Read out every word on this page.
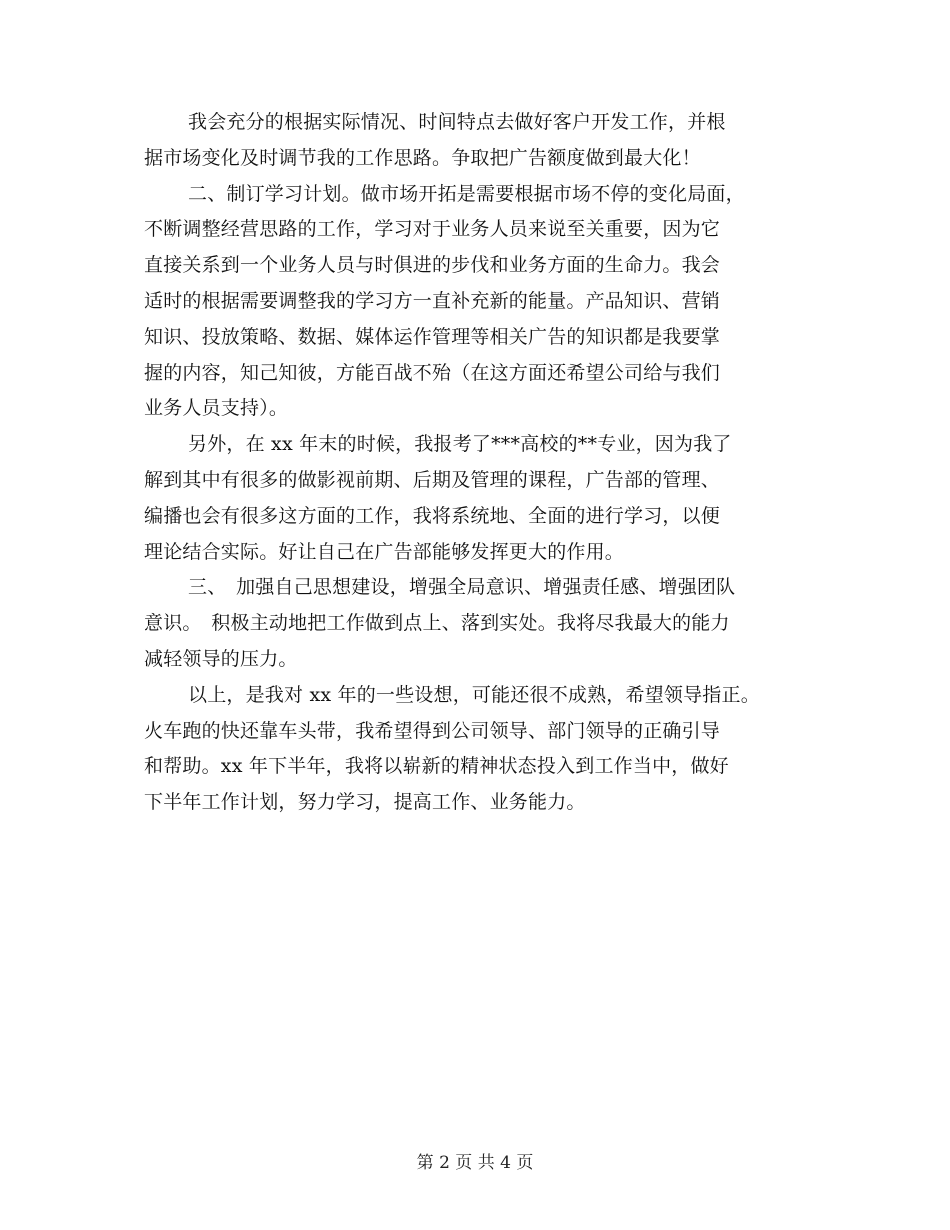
我会充分的根据实际情况、时间特点去做好客户开发工作，并根
据市场变化及时调节我的工作思路。争取把广告额度做到最大化！
二、制订学习计划。做市场开拓是需要根据市场不停的变化局面，
不断调整经营思路的工作，学习对于业务人员来说至关重要，因为它
直接关系到一个业务人员与时俱进的步伐和业务方面的生命力。我会
适时的根据需要调整我的学习方一直补充新的能量。产品知识、营销
知识、投放策略、数据、媒体运作管理等相关广告的知识都是我要掌
握的内容，知己知彼，方能百战不殆（在这方面还希望公司给与我们
业务人员支持）。
另外，在 xx 年末的时候，我报考了***高校的**专业，因为我了
解到其中有很多的做影视前期、后期及管理的课程，广告部的管理、
编播也会有很多这方面的工作，我将系统地、全面的进行学习，以便
理论结合实际。好让自己在广告部能够发挥更大的作用。
三、　加强自己思想建设，增强全局意识、增强责任感、增强团队
意识。　积极主动地把工作做到点上、落到实处。我将尽我最大的能力
减轻领导的压力。
以上，是我对 xx 年的一些设想，可能还很不成熟，希望领导指正。
火车跑的快还靠车头带，我希望得到公司领导、部门领导的正确引导
和帮助。xx 年下半年，我将以崭新的精神状态投入到工作当中，做好
下半年工作计划，努力学习，提高工作、业务能力。
第 2 页 共 4 页
